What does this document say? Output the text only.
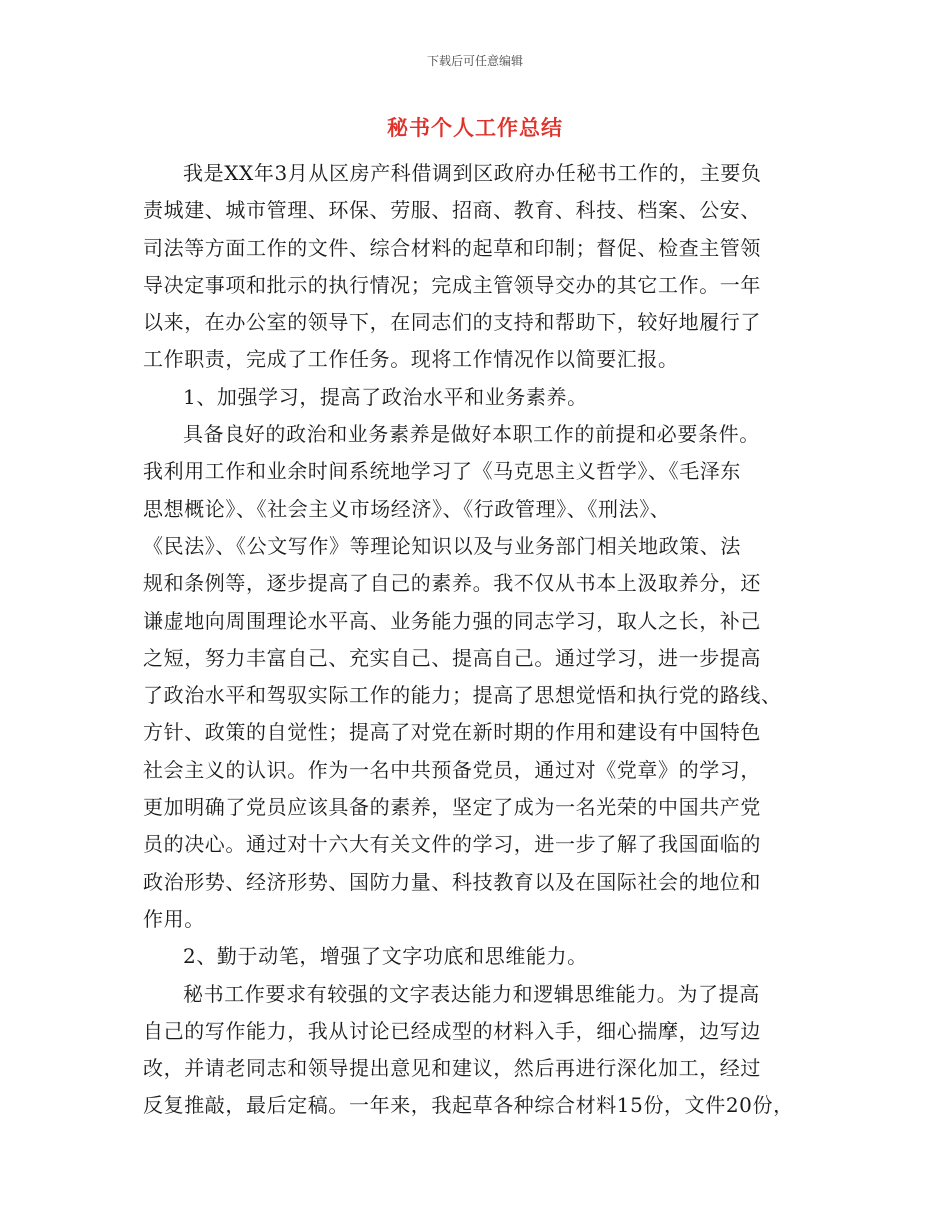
下载后可任意编辑
秘书个人工作总结
我是XX年3月从区房产科借调到区政府办任秘书工作的，主要负
责城建、城市管理、环保、劳服、招商、教育、科技、档案、公安、
司法等方面工作的文件、综合材料的起草和印制；督促、检查主管领
导决定事项和批示的执行情况；完成主管领导交办的其它工作。一年
以来，在办公室的领导下，在同志们的支持和帮助下，较好地履行了
工作职责，完成了工作任务。现将工作情况作以简要汇报。
1、加强学习，提高了政治水平和业务素养。
具备良好的政治和业务素养是做好本职工作的前提和必要条件。
我利用工作和业余时间系统地学习了《马克思主义哲学》、《毛泽东
思想概论》、《社会主义市场经济》、《行政管理》、《刑法》、
《民法》、《公文写作》等理论知识以及与业务部门相关地政策、法
规和条例等，逐步提高了自己的素养。我不仅从书本上汲取养分，还
谦虚地向周围理论水平高、业务能力强的同志学习，取人之长，补己
之短，努力丰富自己、充实自己、提高自己。通过学习，进一步提高
了政治水平和驾驭实际工作的能力；提高了思想觉悟和执行党的路线、
方针、政策的自觉性；提高了对党在新时期的作用和建设有中国特色
社会主义的认识。作为一名中共预备党员，通过对《党章》的学习，
更加明确了党员应该具备的素养，坚定了成为一名光荣的中国共产党
员的决心。通过对十六大有关文件的学习，进一步了解了我国面临的
政治形势、经济形势、国防力量、科技教育以及在国际社会的地位和
作用。
2、勤于动笔，增强了文字功底和思维能力。
秘书工作要求有较强的文字表达能力和逻辑思维能力。为了提高
自己的写作能力，我从讨论已经成型的材料入手，细心揣摩，边写边
改，并请老同志和领导提出意见和建议，然后再进行深化加工，经过
反复推敲，最后定稿。一年来，我起草各种综合材料15份，文件20份，
